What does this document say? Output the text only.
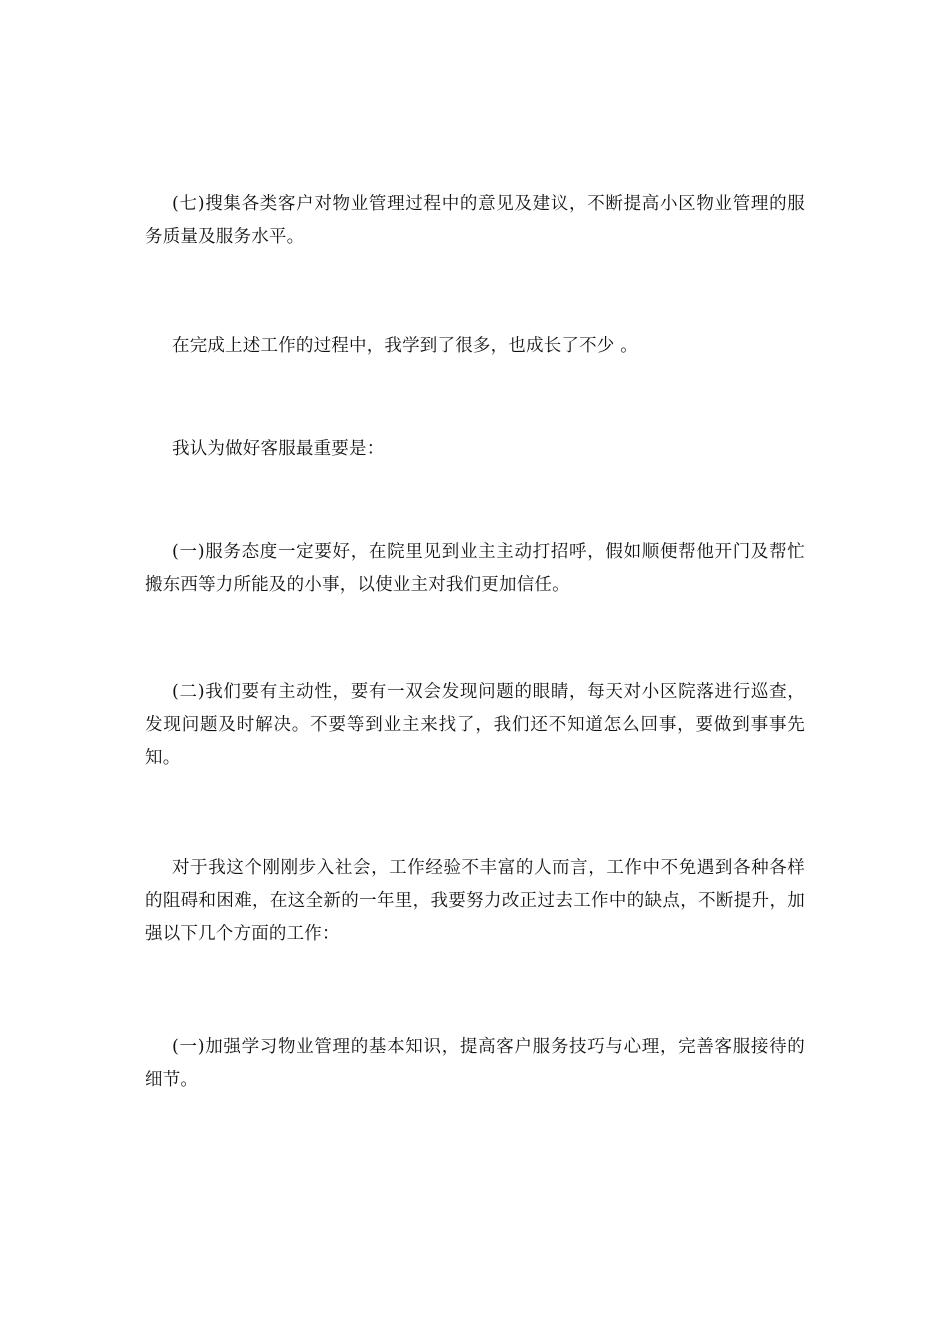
(七)搜集各类客户对物业管理过程中的意见及建议，不断提高小区物业管理的服务质量及服务水平。

在完成上述工作的过程中，我学到了很多，也成长了不少 。

我认为做好客服最重要是：

(一)服务态度一定要好，在院里见到业主主动打招呼，假如顺便帮他开门及帮忙搬东西等力所能及的小事，以使业主对我们更加信任。

(二)我们要有主动性，要有一双会发现问题的眼睛，每天对小区院落进行巡查，发现问题及时解决。不要等到业主来找了，我们还不知道怎么回事，要做到事事先知。

对于我这个刚刚步入社会，工作经验不丰富的人而言，工作中不免遇到各种各样的阻碍和困难，在这全新的一年里，我要努力改正过去工作中的缺点，不断提升，加强以下几个方面的工作：

(一)加强学习物业管理的基本知识，提高客户服务技巧与心理，完善客服接待的细节。
